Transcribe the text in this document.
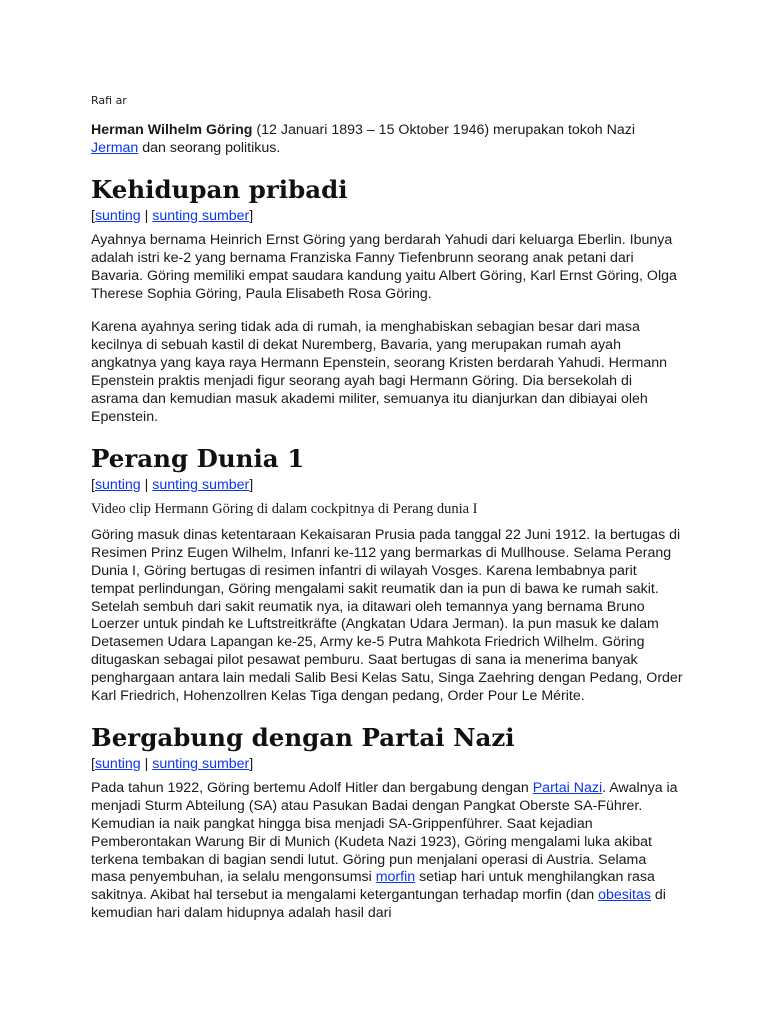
Rafi ar

Herman Wilhelm Göring (12 Januari 1893 – 15 Oktober 1946) merupakan tokoh Nazi Jerman dan seorang politikus.

Kehidupan pribadi
[sunting | sunting sumber]

Ayahnya bernama Heinrich Ernst Göring yang berdarah Yahudi dari keluarga Eberlin. Ibunya adalah istri ke-2 yang bernama Franziska Fanny Tiefenbrunn seorang anak petani dari Bavaria. Göring memiliki empat saudara kandung yaitu Albert Göring, Karl Ernst Göring, Olga Therese Sophia Göring, Paula Elisabeth Rosa Göring.

Karena ayahnya sering tidak ada di rumah, ia menghabiskan sebagian besar dari masa kecilnya di sebuah kastil di dekat Nuremberg, Bavaria, yang merupakan rumah ayah angkatnya yang kaya raya Hermann Epenstein, seorang Kristen berdarah Yahudi. Hermann Epenstein praktis menjadi figur seorang ayah bagi Hermann Göring. Dia bersekolah di asrama dan kemudian masuk akademi militer, semuanya itu dianjurkan dan dibiayai oleh Epenstein.

Perang Dunia 1
[sunting | sunting sumber]
Video clip Hermann Göring di dalam cockpitnya di Perang dunia I

Göring masuk dinas ketentaraan Kekaisaran Prusia pada tanggal 22 Juni 1912. Ia bertugas di Resimen Prinz Eugen Wilhelm, Infanri ke-112 yang bermarkas di Mullhouse. Selama Perang Dunia I, Göring bertugas di resimen infantri di wilayah Vosges. Karena lembabnya parit tempat perlindungan, Göring mengalami sakit reumatik dan ia pun di bawa ke rumah sakit. Setelah sembuh dari sakit reumatik nya, ia ditawari oleh temannya yang bernama Bruno Loerzer untuk pindah ke Luftstreitkräfte (Angkatan Udara Jerman). Ia pun masuk ke dalam Detasemen Udara Lapangan ke-25, Army ke-5 Putra Mahkota Friedrich Wilhelm. Göring ditugaskan sebagai pilot pesawat pemburu. Saat bertugas di sana ia menerima banyak penghargaan antara lain medali Salib Besi Kelas Satu, Singa Zaehring dengan Pedang, Order Karl Friedrich, Hohenzollren Kelas Tiga dengan pedang, Order Pour Le Mérite.

Bergabung dengan Partai Nazi
[sunting | sunting sumber]

Pada tahun 1922, Göring bertemu Adolf Hitler dan bergabung dengan Partai Nazi. Awalnya ia menjadi Sturm Abteilung (SA) atau Pasukan Badai dengan Pangkat Oberste SA-Führer. Kemudian ia naik pangkat hingga bisa menjadi SA-Grippenführer. Saat kejadian Pemberontakan Warung Bir di Munich (Kudeta Nazi 1923), Göring mengalami luka akibat terkena tembakan di bagian sendi lutut. Göring pun menjalani operasi di Austria. Selama masa penyembuhan, ia selalu mengonsumsi morfin setiap hari untuk menghilangkan rasa sakitnya. Akibat hal tersebut ia mengalami ketergantungan terhadap morfin (dan obesitas di kemudian hari dalam hidupnya adalah hasil dari
